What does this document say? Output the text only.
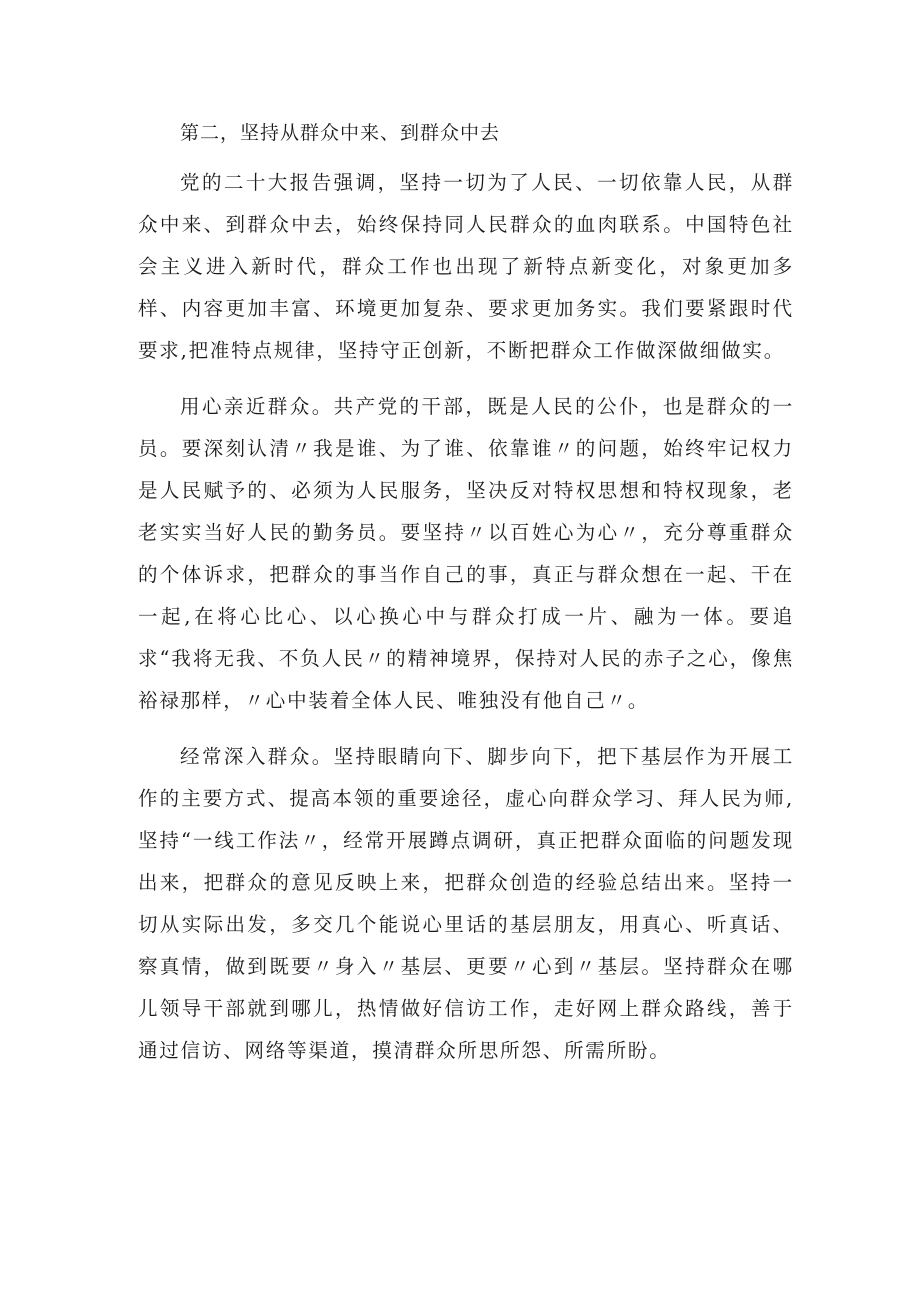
第二，坚持从群众中来、到群众中去

党的二十大报告强调，坚持一切为了人民、一切依靠人民，从群众中来、到群众中去，始终保持同人民群众的血肉联系。中国特色社会主义进入新时代，群众工作也出现了新特点新变化，对象更加多样、内容更加丰富、环境更加复杂、要求更加务实。我们要紧跟时代要求,把准特点规律，坚持守正创新，不断把群众工作做深做细做实。

用心亲近群众。共产党的干部，既是人民的公仆，也是群众的一员。要深刻认清〃我是谁、为了谁、依靠谁〃的问题，始终牢记权力是人民赋予的、必须为人民服务，坚决反对特权思想和特权现象，老老实实当好人民的勤务员。要坚持〃以百姓心为心〃，充分尊重群众的个体诉求，把群众的事当作自己的事，真正与群众想在一起、干在一起,在将心比心、以心换心中与群众打成一片、融为一体。要追求“我将无我、不负人民〃的精神境界，保持对人民的赤子之心，像焦裕禄那样，〃心中装着全体人民、唯独没有他自己〃。

经常深入群众。坚持眼睛向下、脚步向下，把下基层作为开展工作的主要方式、提高本领的重要途径，虚心向群众学习、拜人民为师,坚持“一线工作法〃，经常开展蹲点调研，真正把群众面临的问题发现出来，把群众的意见反映上来，把群众创造的经验总结出来。坚持一切从实际出发，多交几个能说心里话的基层朋友，用真心、听真话、察真情，做到既要〃身入〃基层、更要〃心到〃基层。坚持群众在哪儿领导干部就到哪儿，热情做好信访工作，走好网上群众路线，善于通过信访、网络等渠道，摸清群众所思所怨、所需所盼。
